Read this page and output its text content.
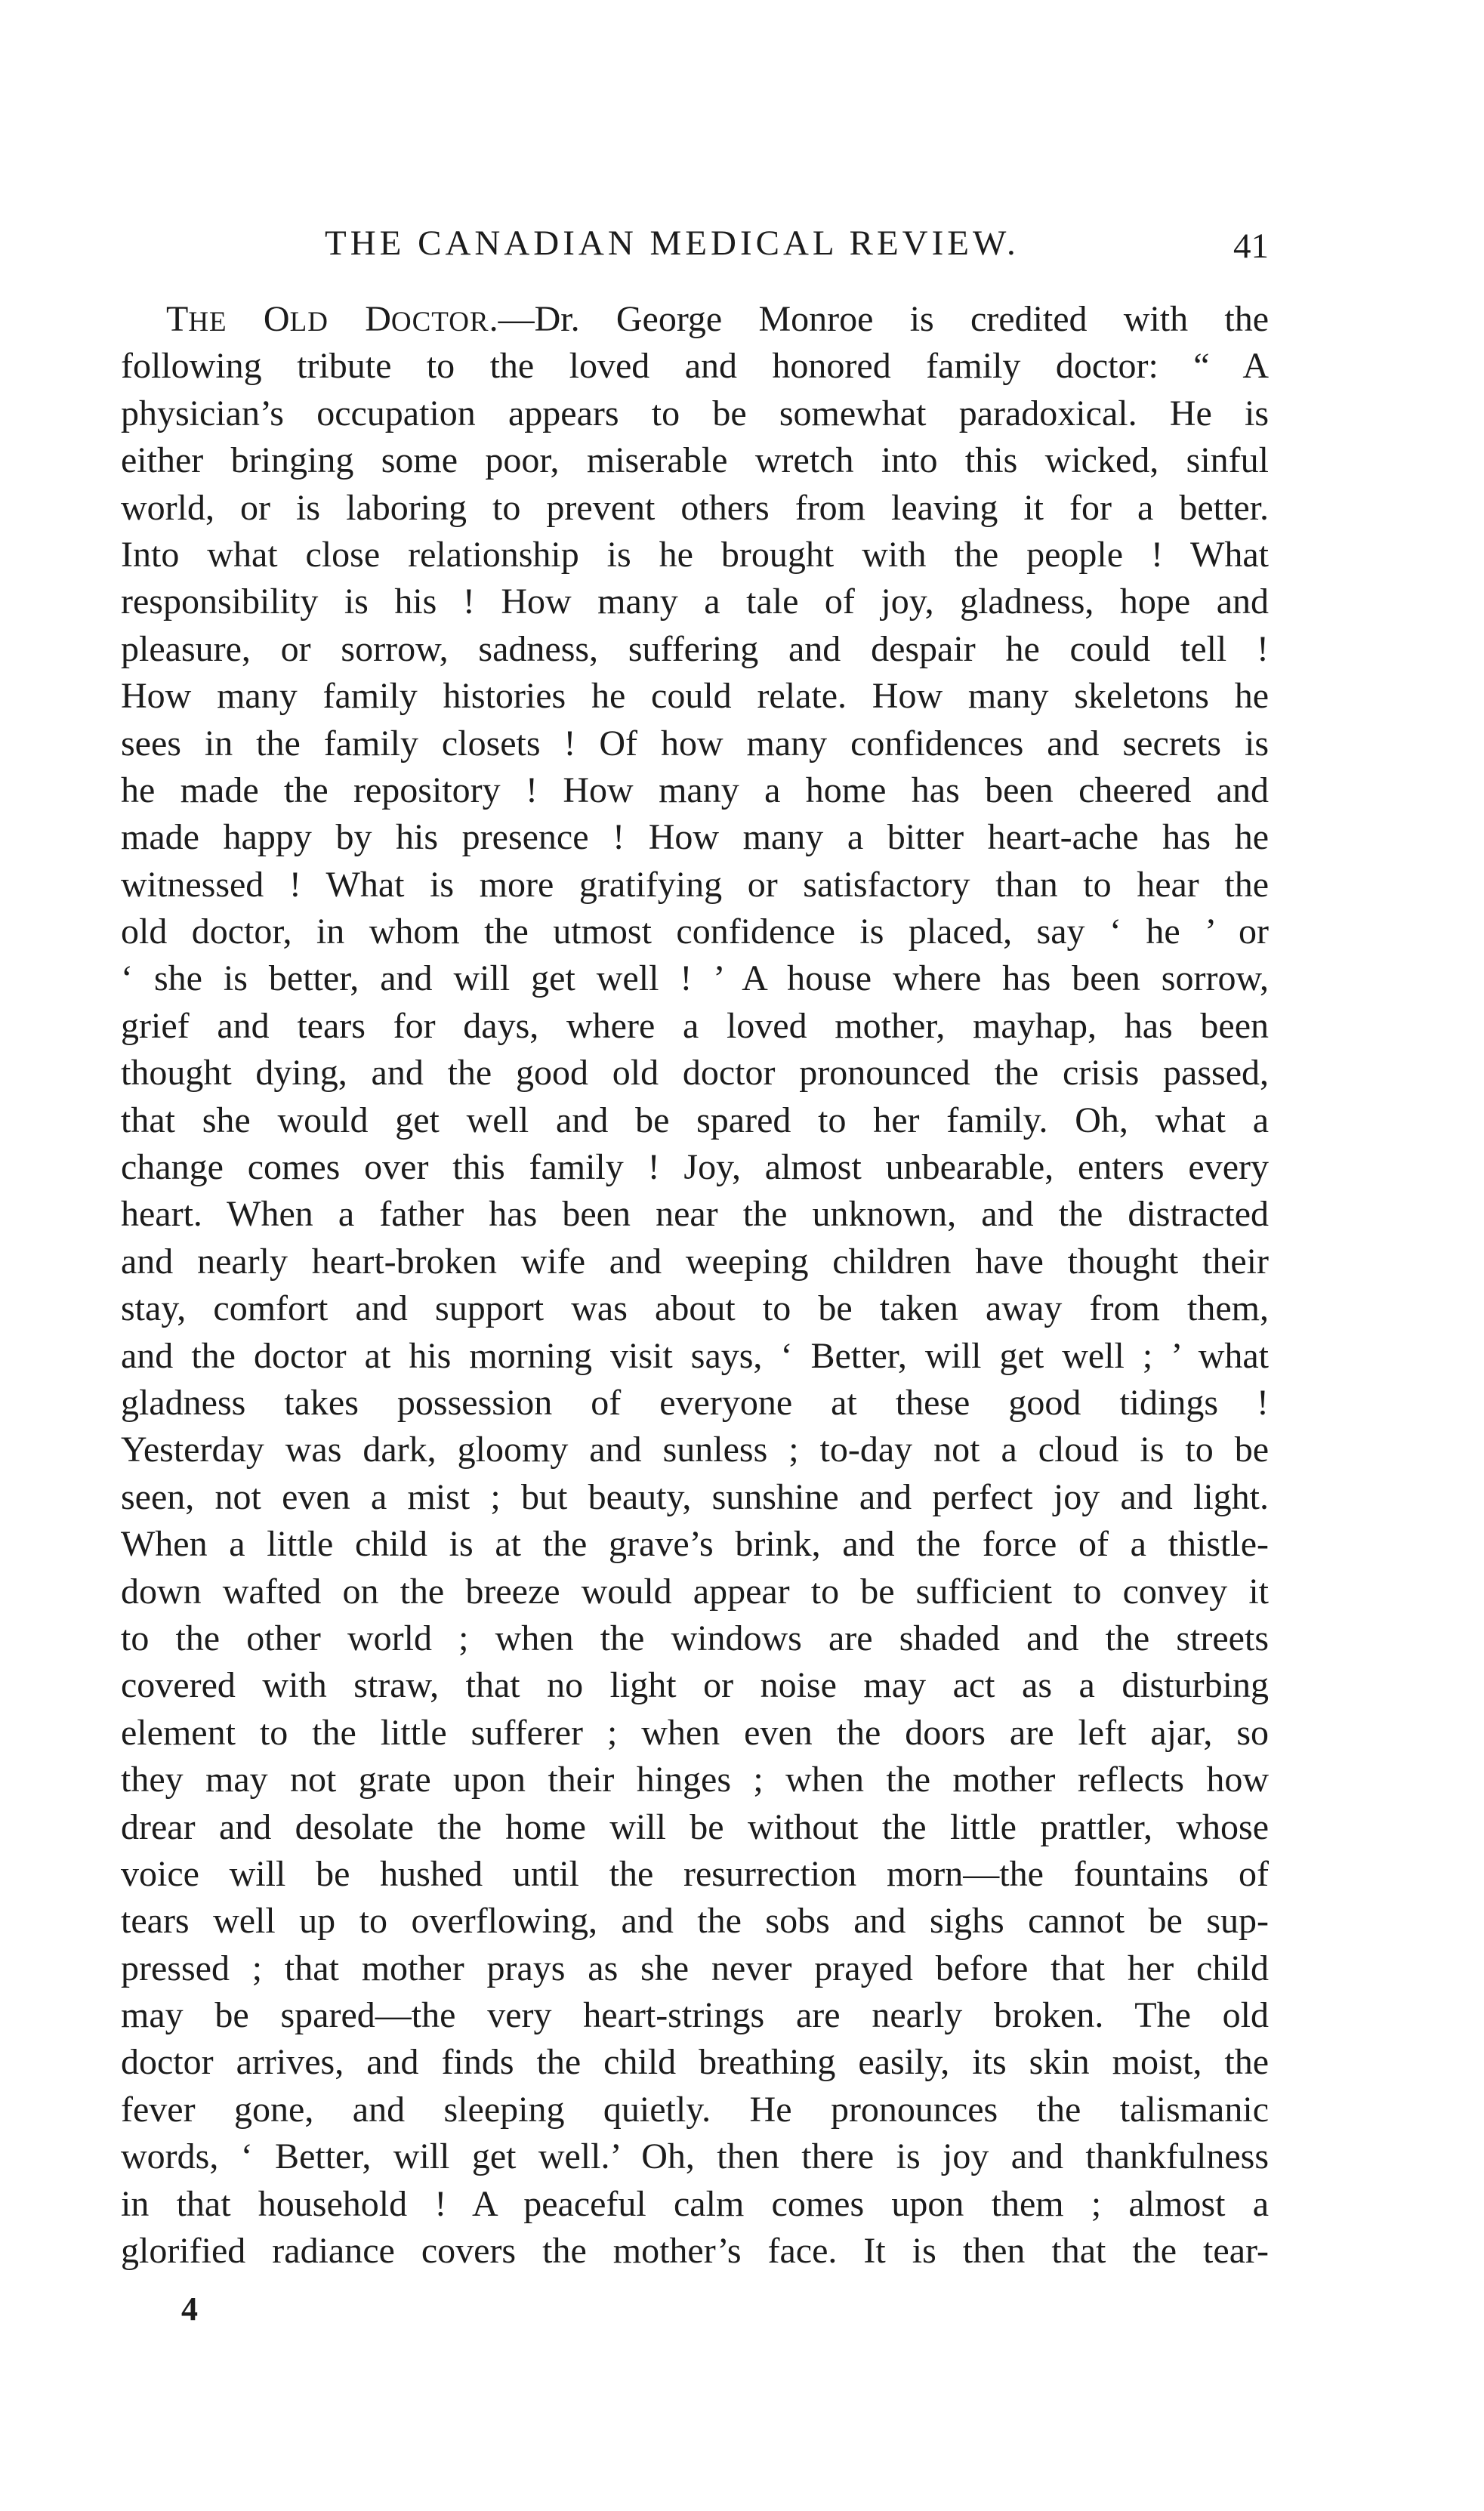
THE CANADIAN MEDICAL REVIEW.	41
THE OLD DOCTOR.—Dr. George Monroe is credited with the
following tribute to the loved and honored family doctor: “ A
physician’s occupation appears to be somewhat paradoxical. He is
either bringing some poor, miserable wretch into this wicked, sinful
world, or is laboring to prevent others from leaving it for a better.
Into what close relationship is he brought with the people ! What
responsibility is his ! How many a tale of joy, gladness, hope and
pleasure, or sorrow, sadness, suffering and despair he could tell !
How many family histories he could relate. How many skeletons he
sees in the family closets ! Of how many confidences and secrets is
he made the repository ! How many a home has been cheered and
made happy by his presence ! How many a bitter heart-ache has he
witnessed ! What is more gratifying or satisfactory than to hear the
old doctor, in whom the utmost confidence is placed, say ‘ he ’ or
‘ she is better, and will get well ! ’ A house where has been sorrow,
grief and tears for days, where a loved mother, mayhap, has been
thought dying, and the good old doctor pronounced the crisis passed,
that she would get well and be spared to her family. Oh, what a
change comes over this family ! Joy, almost unbearable, enters every
heart. When a father has been near the unknown, and the distracted
and nearly heart-broken wife and weeping children have thought their
stay, comfort and support was about to be taken away from them,
and the doctor at his morning visit says, ‘ Better, will get well ; ’ what
gladness takes possession of everyone at these good tidings !
Yesterday was dark, gloomy and sunless ; to-day not a cloud is to be
seen, not even a mist ; but beauty, sunshine and perfect joy and light.
When a little child is at the grave’s brink, and the force of a thistle-
down wafted on the breeze would appear to be sufficient to convey it
to the other world ; when the windows are shaded and the streets
covered with straw, that no light or noise may act as a disturbing
element to the little sufferer ; when even the doors are left ajar, so
they may not grate upon their hinges ; when the mother reflects how
drear and desolate the home will be without the little prattler, whose
voice will be hushed until the resurrection morn—the fountains of
tears well up to overflowing, and the sobs and sighs cannot be sup-
pressed ; that mother prays as she never prayed before that her child
may be spared—the very heart-strings are nearly broken. The old
doctor arrives, and finds the child breathing easily, its skin moist, the
fever gone, and sleeping quietly. He pronounces the talismanic
words, ‘ Better, will get well.’ Oh, then there is joy and thankfulness
in that household ! A peaceful calm comes upon them ; almost a
glorified radiance covers the mother’s face. It is then that the tear-
4
